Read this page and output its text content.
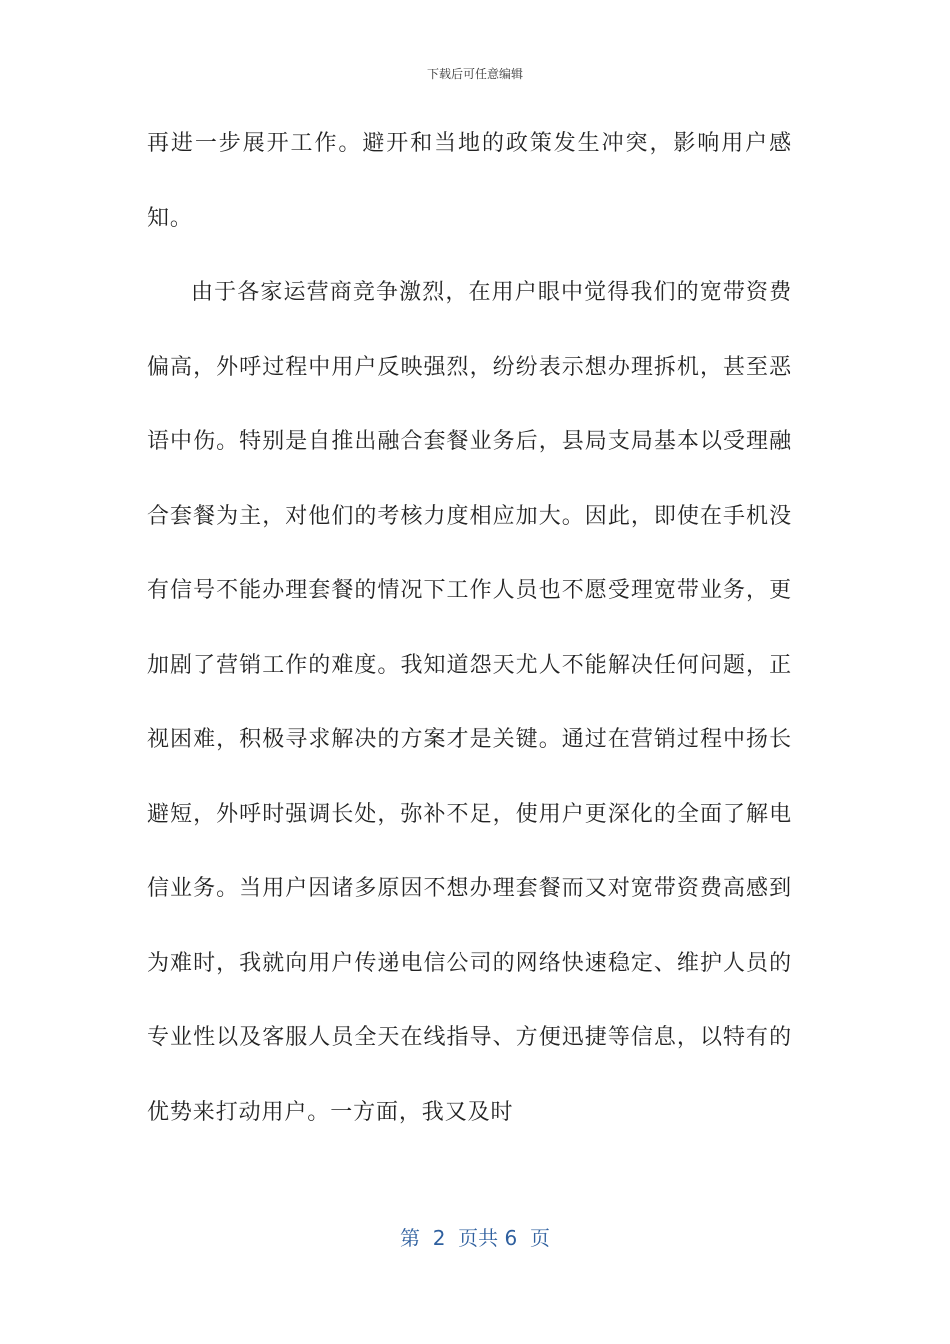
下载后可任意编辑

再进一步展开工作。避开和当地的政策发生冲突，影响用户感知。

由于各家运营商竞争激烈，在用户眼中觉得我们的宽带资费偏高，外呼过程中用户反映强烈，纷纷表示想办理拆机，甚至恶语中伤。特别是自推出融合套餐业务后，县局支局基本以受理融合套餐为主，对他们的考核力度相应加大。因此，即使在手机没有信号不能办理套餐的情况下工作人员也不愿受理宽带业务，更加剧了营销工作的难度。我知道怨天尤人不能解决任何问题，正视困难，积极寻求解决的方案才是关键。通过在营销过程中扬长避短，外呼时强调长处，弥补不足，使用户更深化的全面了解电信业务。当用户因诸多原因不想办理套餐而又对宽带资费高感到为难时，我就向用户传递电信公司的网络快速稳定、维护人员的专业性以及客服人员全天在线指导、方便迅捷等信息，以特有的优势来打动用户。一方面，我又及时

第  2  页共 6  页
